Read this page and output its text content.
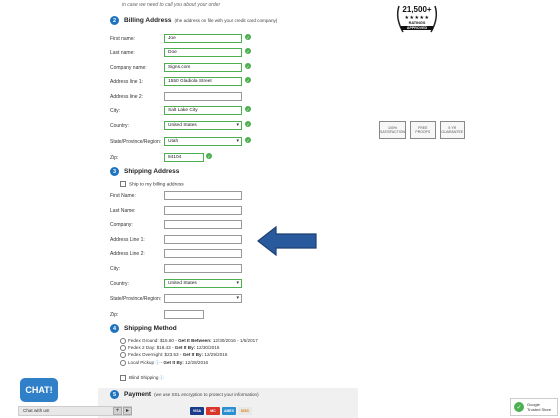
in case we need to call you about your order
2	Billing Address (the address on file with your credit card company)
First name:	Joe	✓
Last name:	Doe	✓
Company name:	Signs.com	✓
Address line 1:	1550 Gladiola Street	✓
Address line 2:
City:	Salt Lake City	✓
Country:	United States	▾	✓
State/Province/Region:	Utah	▾	✓
Zip:	84104	✓
3	Shipping Address
Ship to my billing address
First Name:
Last Name:
Company:
Address Line 1:
Address Line 2:
City:
Country:	United States	▾
State/Province/Region:	▾
Zip:
4	Shipping Method
Fedex Ground: $15.60 - Get It Between: 12/30/2016 - 1/5/2017
Fedex 2 Day: $18.43 - Get It By: 12/30/2016
Fedex Overnight: $23.53 - Get It By: 12/29/2016
Local Pickup ⓘ - Get It By: 12/28/2016
Blind Shipping ⓘ
5	Payment (we use SSL encryption to protect your information)
VISA	MC	AMEX	DISC
21,500+
★★★★★
RATINGS
APPROVED
100% SATISFACTION
FREE PROOFS
5 YR GUARANTEE
CHAT!
Chat with us!	+	▸
✓	Google
Trusted Store
